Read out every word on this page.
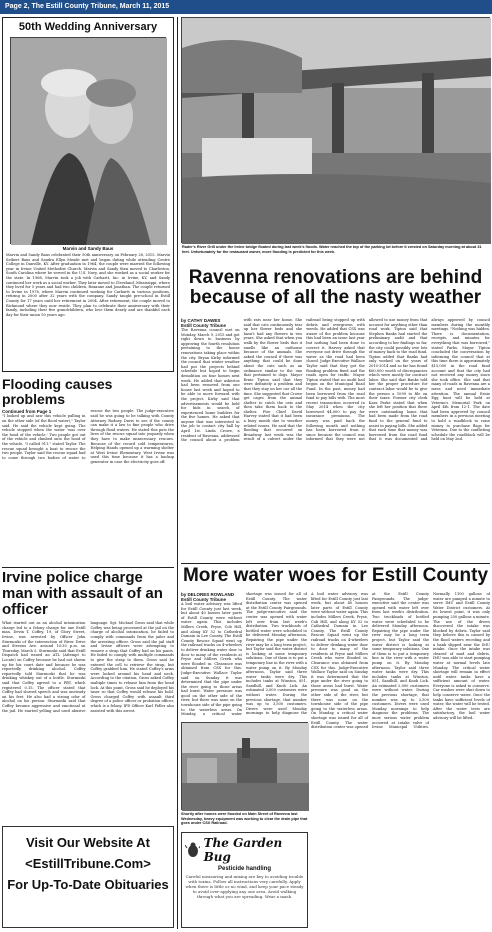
Page 2, The Estill County Tribune, March 11, 2015
50th Wedding Anniversary
Marvin and Sandy Baus
Marvin and Sandy Baus celebrated their 50th anniversary on February 28, 2015. Marvin Seibert Baus and Sandra Ellyn Meade met and began dating while attending Centre College in Danville, KY. After graduation in 1964, the couple were married the following year in Irvine United Methodist Church. Marvin and Sandy then moved to Charleston, South Carolina where he served in the U.S. Navy, and she worked as a social worker for the state. In 1968, Marvin took a job with Carhartt, Inc. in Irvine, KY, and Sandy continued her work as a social worker. They later moved to Cleveland, Mississippi, where they lived for 5 years and had two children, Roxanne and Jonathan. The couple returned to Irvine in 1978, where Marvin continued working for Carhartt in various positions, retiring in 2000 after 32 years with the company. Sandy taught pre-school in Estill County for 17 years until her retirement in 2004. After retirement, the couple moved to Richmond where they now reside. They plan to celebrate their anniversary with their family, including their five grandchildren, who love them dearly and are thankful each day for their union 50 years ago.
Flooding causes problems
Continued from Page 1
"I looked up and saw this vehicle pulling in on the other side (of the flood water)," Taylor said. He said the vehicle kept going. The vehicle stopped when the water 'was over the hood of the vehicle.' Two people got out of the vehicle and climbed onto the hood of the vehicle. "I called 911," stated Taylor. The rescue squad brought a boat to rescue the two people. Taylor said the rescue squad had to come through two bodies of water to rescue the two people. The judge-executive said he was going to be talking with County Attorney Rodney Davis to see if the county can make it a law to fine people who drive through flood waters. He stated this puts the lives of the rescue squad into jeopardy when they have to make unnecessary rescues. Because of the record cold temperatures, Helping Hands opened up a warming shelter at West Irvine Elementary. West Irvine was used this time because it has a backup generator in case the electricity goes off.
Irvine police charge man with assault of an officer
What started out as an alcohol intoxication charge led to a felony charge for one Estill man. Devin T. Coffey, 19, of Glory Street, Irvine, was arrested by Officer John Sturmoski of the intersection of River Drive and Stevens Ave. around 10:30 p.m. on Thursday, March 5. Sturmoski said that Estill Dispatch had issued an ATL (Attempt to Locate) on Coffey because he had not shown up for his court date and because he was reportedly drinking alcohol. Coffey reportedly told Sturmoski that he was drinking whiskey out of a bottle. Sturmoski said that Coffey agreed to a PBT, which registered 0.15. The officer stated that Coffey had slurred speech and was unsteady on his feet. He also had a strong odor of alcohol on his person. Sturmoski said that Coffey became aggressive and emotional at the jail. He started yelling and used abusive language. Sgt. Michael Gross said that while Coffey was being processed at the jail on the charge of alcohol intoxication, he failed to comply with commands from the jailer and the arresting officer. Gross said the jail staff and Irvine officers were attempting to remove a strap that Coffey had on his pants. He failed to comply with multiple commands to give the strap to them. Gross said he entered the cell to retrieve the strap, but Coffey grabbed him. He stated Coffey's arms were locked around his head and neck. According to the citation, Gross asked Coffey multiple times to release him from the head lock. At this point, Gross said he deployed his taser so that Coffey would release his hold. Gross charged Coffey with assault third degree of a police officer or probation officer, which is a felony. IPD Officer Karl Fidler also assisted with this arrest.
Visit Our Website At
<EstillTribune.Com>
For Up-To-Date Obituaries
Rader's River Grill under the Irvine bridge floated during last week's floods. Water reached the top of the parking lot before it crested on Saturday morning at about 31 feet. Unfortunately for the restaurant owner, more flooding is predicted for this week.
Ravenna renovations are behind because of all the nasty weather
by CATHY DAWES
Estill County Tribune
The Ravenna council met on Monday, March 9, 2015 and got right down to business by approving the fourth resolution pertaining to the house renovations taking place within the city. Bryan Kirby informed the council that winter weather had put the projects behind schedule but hoped to begin demolition on four homes next week. He added that asbestos had been removed from one house last week and hoped to be able to move forward with the project. Kirby said that advertisements would be held for bids in search of experienced home builders for the five homes. He asked that anyone that was interested in the job to contact city hall by April 1st. Linda Crowe, a resident of Ravenna, addressed the council about a problem with rats near her home. She said that cats continuously tear up her flower beds and she hasn't had any flowers in two years. She asked that when you walk by the flower beds that it smells like an outhouse because of the animals. She asked the council if there was anything that could be done about the cats such as an ordinance similar to the one that pertained to dogs. Mayor Ernie Tipton said that they were definitely a problem and that they stay on her car all the time. She suggested that Crowe get cages from the animal shelter to catch the cats and then take them back to the shelter. Fire Chief David Harvey stated that it had been a busy month due to weather related issues. He said that the flooding that occurred on Broadway last week was the result of a culvert under the railroad being stopped up with debris and overgrown with weeds. He added that CSX was aware of the problem because this had been an issue last year but nothing had been done to correct it. Harvey asked that everyone not drive through the water as the road had been closed. Judge Executive Wallace Taylor said that they got the flooding problem fixed and the roads open for traffic. Mayor Tipton stated that no audit had begun on the Municipal Road Fund. In the past, money had been borrowed from the road fund to pay bills with. The most recent transaction occurred in May 2014 when the city borrowed $4,000 to pay for insurance premiums. The money was paid back the following month and nothing has been borrowed from it since because the council was informed that they were not allowed to use money from that account for anything other than road work. Tipton said that Stephen Banks had started the preliminary audit and that according to her findings so far, the city could possibly owe lots of money back to the road fund. Tipton added that Banks had only worked on the years of 2010-2014 and so far has found $60,000 worth of discrepancies which were mostly for contract labor. She said that Banks told her the proper procedure for contract labor would be to give the person a 1099 to file on their taxes. Former city clerk Kara Parks stated that when she left her position that there were outstanding loans that had been made from the road fund to the general fund to assist in paying bills. She added that each time that money was borrowed from the road fund that it was documented and always approved by council members during the monthly meetings. "Nothing was hidden. There is documentation, receipts, and minutes for everything that was borrowed," stated Parks. Mayor Tipton concluded the conversation by informing the council that at this time there is approximately $15,000 in the road fund account and that the city had not received any money since she took office. She said that many of roads in Ravenna are a mess and need immediate attention. The annual Ernie Egg hunt will be held at Veteran's Memorial Park on April 4th from 12-1. The date had been approved by council members in a previous meeting to hold a roadblock to raise money to purchase flags for Veterans. Due to the conflicting schedule the roadblock will be held on May 2nd.
More water woes for Estill County
by DELORES ROWLAND
Estill County Tribune
A boil water advisory was lifted for Estill County just last week, but about 40 houses later parts of Estill County were without water again. This includes Millers Creek, Pryse, Cob Hill, and along KY 52 to Cathedral Domain in Lee County. The Estill County Rescue Squad went up the railroad tracks on 4-wheelers to deliver drinking water door to door to many of the residents at Pryse and Millers Creek who were flooded in. Clearance was obtained from CSX for this. Judge-Executive Wallace Taylor said on Sunday it was determined that the pipe under the river going to those areas had burst. Water pressure was good on the other side of the river, but there was none on the townhouse side of the pipe going to the waterless areas. On Monday, a critical water shortage was issued for all of Estill County. The water distribution center was opened at the Estill County Fairgrounds. The judge-executive said the center was opened with water left over from last week's distribution. Two truckloads of bottled water were scheduled to be delivered Monday afternoon. Repairing the pipe under the river may be a long term project, but Taylor said the water district is looking at some temporary solutions. One of them is to put a temporary line in the river with a water pump on it. By Monday afternoon, Taylor said three water tanks were dry. This includes tanks at Winston, 851, Sandhill, and Knob Lick. An estimated 2,000 customers were without water. During the previous shortage, that number was up to 3,500 customers. Divers were used Monday mornings to help diagnose the
A boil water advisory was lifted for Estill County just last week, but about 40 houses later parts of Estill County were without water again. This includes Millers Creek, Pryse, Cob Hill, and along KY 52 to Cathedral Domain in Lee County. The Estill County Rescue Squad went up the railroad tracks on 4-wheelers to deliver drinking water door to door to many of the residents at Pryse and Millers Creek who were flooded in. Clearance was obtained from CSX for this. Judge-Executive Wallace Taylor said on Sunday it was determined that the pipe under the river going to those areas had burst. Water pressure was good on the other side of the river, but there was none on the townhouse side of the pipe going to the waterless areas. On Monday, a critical water shortage was issued for all of Estill County. The water distribution center was opened at the Estill County Fairgrounds. The judge-executive said the center was opened with water left over from last week's distribution. Two truckloads of bottled water were scheduled to be delivered Monday afternoon. Repairing the pipe under the river may be a long term project, but Taylor said the water district is looking at some temporary solutions. One of them is to put a temporary line in the river with a water pump on it. By Monday afternoon, Taylor said three water tanks were dry. This includes tanks at Winston, 851, Sandhill, and Knob Lick. An estimated 2,000 customers were without water. During the previous shortage, that number was up to 3,500 customers. Divers were used Monday mornings to help diagnose the problems. The most serious water problem occurred at intake valve of Irvine Municipal Utilities. Normally 1100 gallons of water are pumped a minute to serve IMU and Estill County Water District customers. At its lowest point, it was only pumping 250 gallons a minute. The use of the divers discovered the intake was blocked by debris. Taylor said they believe this is caused by the flood waters receding and a bank slipped near the IMU intake. Once the intake was cleared of mud and debris, IMU was able to start pumping water at normal levels late Monday. The critical water shortage will remain in effect until water tanks have a sufficient amount of water. Everyone is asked to conserve. Car washes were shut down to help conserve water. Once the tanks have sufficient levels of water, the water will be tested. After the water tests are satisfactory, the boil water advisory will be lifted.
Shortly after homes were flooded on Main Street of Ravenna last Wednesday, heavy equipment was working to clear the drain pipe that goes under CSX Railroad.
The Garden Bug
Pesticide handling
Careful measuring and mixing are key to avoiding trouble with toxins. Follow all instructions very carefully. Apply when there is little or no wind, and keep your pace steady to avoid over-applying any one area. Avoid walking through what you are spreading. Wear a mask.
